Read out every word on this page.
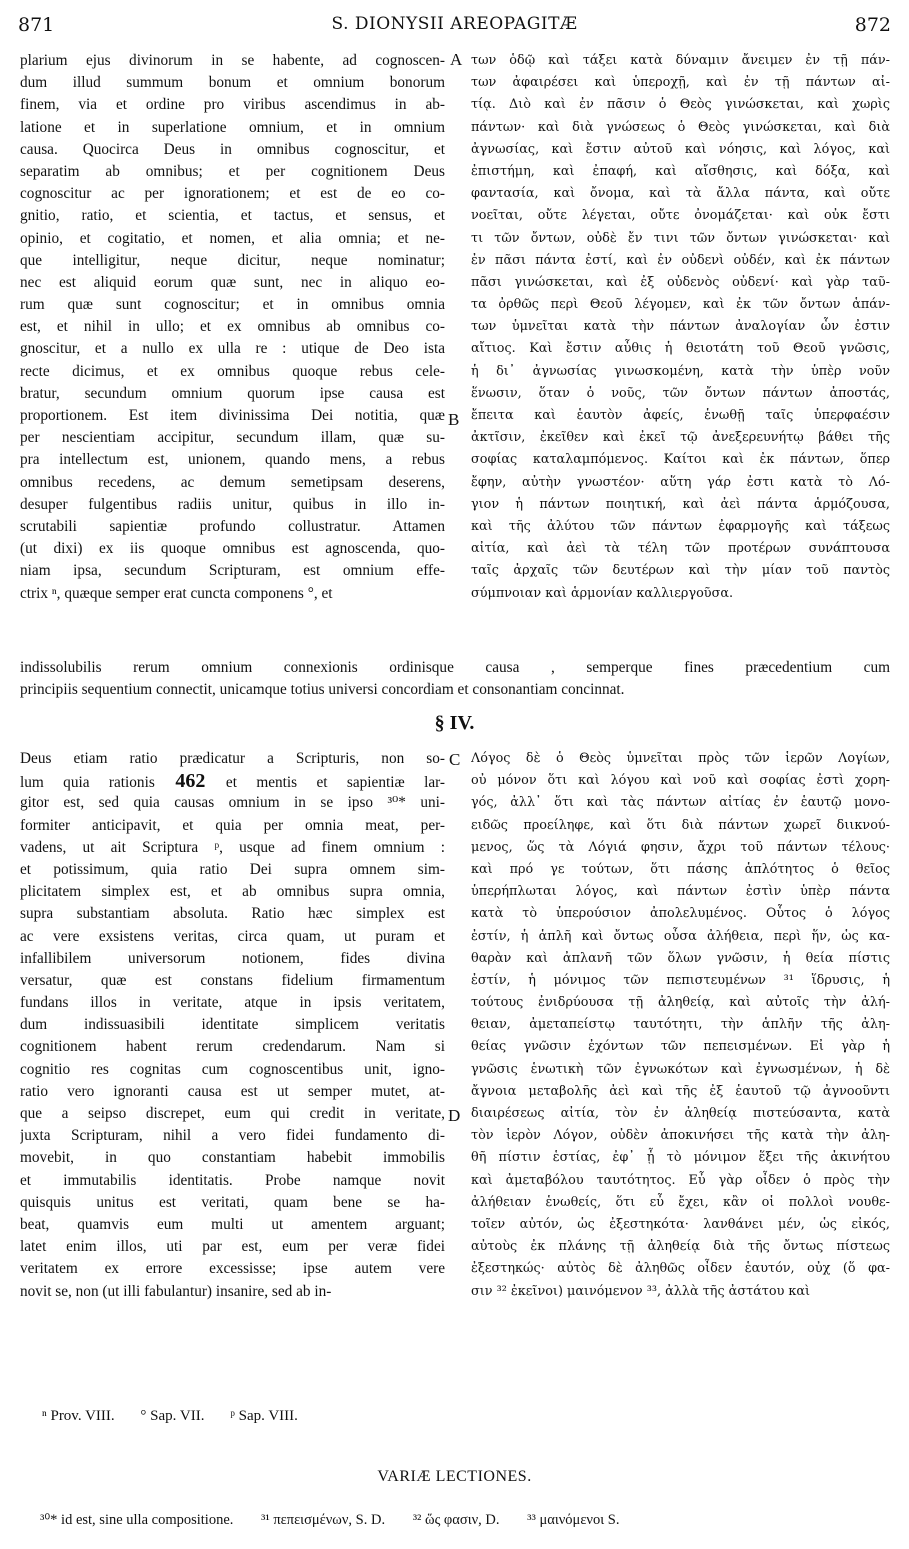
871	S. DIONYSII AREOPAGITÆ	872
plarium ejus divinorum in se habente, ad cognoscen-
dum illud summum bonum et omnium bonorum
finem, via et ordine pro viribus ascendimus in ab-
latione et in superlatione omnium, et in omnium
causa. Quocirca Deus in omnibus cognoscitur, et
separatim ab omnibus; et per cognitionem Deus
cognoscitur ac per ignorationem; et est de eo co-
gnitio, ratio, et scientia, et tactus, et sensus, et
opinio, et cogitatio, et nomen, et alia omnia; et ne-
que intelligitur, neque dicitur, neque nominatur;
nec est aliquid eorum quæ sunt, nec in aliquo eo-
rum quæ sunt cognoscitur; et in omnibus omnia
est, et nihil in ullo; et ex omnibus ab omnibus co-
gnoscitur, et a nullo ex ulla re : utique de Deo ista
recte dicimus, et ex omnibus quoque rebus cele-
bratur, secundum omnium quorum ipse causa est
proportionem. Est item divinissima Dei notitia, quæ
per nescientiam accipitur, secundum illam, quæ su-
pra intellectum est, unionem, quando mens, a rebus
omnibus recedens, ac demum semetipsam deserens,
desuper fulgentibus radiis unitur, quibus in illo in-
scrutabili sapientiæ profundo collustratur. Attamen
(ut dixi) ex iis quoque omnibus est agnoscenda, quo-
niam ipsa, secundum Scripturam, est omnium effe-
ctrix ⁿ, quæque semper erat cuncta componens °, et
των ὁδῷ καὶ τάξει κατὰ δύναμιν ἄνειμεν ἐν τῇ πάν-
των ἀφαιρέσει καὶ ὑπεροχῇ, καὶ ἐν τῇ πάντων αἰ-
τίᾳ. Διὸ καὶ ἐν πᾶσιν ὁ Θεὸς γινώσκεται, καὶ χωρὶς
πάντων· καὶ διὰ γνώσεως ὁ Θεὸς γινώσκεται, καὶ διὰ
ἀγνωσίας, καὶ ἔστιν αὐτοῦ καὶ νόησις, καὶ λόγος, καὶ
ἐπιστήμη, καὶ ἐπαφή, καὶ αἴσθησις, καὶ δόξα, καὶ
φαντασία, καὶ ὄνομα, καὶ τὰ ἄλλα πάντα, καὶ οὔτε
νοεῖται, οὔτε λέγεται, οὔτε ὀνομάζεται· καὶ οὐκ ἔστι
τι τῶν ὄντων, οὐδὲ ἔν τινι τῶν ὄντων γινώσκεται· καὶ
ἐν πᾶσι πάντα ἐστί, καὶ ἐν οὐδενὶ οὐδέν, καὶ ἐκ πάντων
πᾶσι γινώσκεται, καὶ ἐξ οὐδενὸς οὐδενί· καὶ γὰρ ταῦ-
τα ὀρθῶς περὶ Θεοῦ λέγομεν, καὶ ἐκ τῶν ὄντων ἁπάν-
των ὑμνεῖται κατὰ τὴν πάντων ἀναλογίαν ὧν ἐστιν
αἴτιος. Καὶ ἔστιν αὖθις ἡ θειοτάτη τοῦ Θεοῦ γνῶσις,
ἡ δι᾽ ἀγνωσίας γινωσκομένη, κατὰ τὴν ὑπὲρ νοῦν
ἕνωσιν, ὅταν ὁ νοῦς, τῶν ὄντων πάντων ἀποστάς,
ἔπειτα καὶ ἑαυτὸν ἀφείς, ἑνωθῇ ταῖς ὑπερφαέσιν
ἀκτῖσιν, ἐκεῖθεν καὶ ἐκεῖ τῷ ἀνεξερευνήτῳ βάθει τῆς
σοφίας καταλαμπόμενος. Καίτοι καὶ ἐκ πάντων, ὅπερ
ἔφην, αὐτὴν γνωστέον· αὕτη γάρ ἐστι κατὰ τὸ Λό-
γιον ἡ πάντων ποιητική, καὶ ἀεὶ πάντα ἁρμόζουσα,
καὶ τῆς ἀλύτου τῶν πάντων ἐφαρμογῆς καὶ τάξεως
αἰτία, καὶ ἀεὶ τὰ τέλη τῶν προτέρων συνάπτουσα
ταῖς ἀρχαῖς τῶν δευτέρων καὶ τὴν μίαν τοῦ παντὸς
σύμπνοιαν καὶ ἁρμονίαν καλλιεργοῦσα.
A
B
indissolubilis rerum omnium connexionis ordinisque causa , semperque fines præcedentium cum
principiis sequentium connectit, unicamque totius universi concordiam et consonantiam concinnat.
§ IV.
Deus etiam ratio prædicatur a Scripturis, non so-
lum quia rationis 462 et mentis et sapientiæ lar-
gitor est, sed quia causas omnium in se ipso ³⁰* uni-
formiter anticipavit, et quia per omnia meat, per-
vadens, ut ait Scriptura ᵖ, usque ad finem omnium :
et potissimum, quia ratio Dei supra omnem sim-
plicitatem simplex est, et ab omnibus supra omnia,
supra substantiam absoluta. Ratio hæc simplex est
ac vere exsistens veritas, circa quam, ut puram et
infallibilem universorum notionem, fides divina
versatur, quæ est constans fidelium firmamentum
fundans illos in veritate, atque in ipsis veritatem,
dum indissuasibili identitate simplicem veritatis
cognitionem habent rerum credendarum. Nam si
cognitio res cognitas cum cognoscentibus unit, igno-
ratio vero ignoranti causa est ut semper mutet, at-
que a seipso discrepet, eum qui credit in veritate,
juxta Scripturam, nihil a vero fidei fundamento di-
movebit, in quo constantiam habebit immobilis
et immutabilis identitatis. Probe namque novit
quisquis unitus est veritati, quam bene se ha-
beat, quamvis eum multi ut amentem arguant;
latet enim illos, uti par est, eum per veræ fidei
veritatem ex errore excessisse; ipse autem vere
novit se, non (ut illi fabulantur) insanire, sed ab in-
Λόγος δὲ ὁ Θεὸς ὑμνεῖται πρὸς τῶν ἱερῶν Λογίων,
οὐ μόνον ὅτι καὶ λόγου καὶ νοῦ καὶ σοφίας ἐστὶ χορη-
γός, ἀλλ᾽ ὅτι καὶ τὰς πάντων αἰτίας ἐν ἑαυτῷ μονο-
ειδῶς προείληφε, καὶ ὅτι διὰ πάντων χωρεῖ διικνού-
μενος, ὥς τὰ Λόγιά φησιν, ἄχρι τοῦ πάντων τέλους·
καὶ πρό γε τούτων, ὅτι πάσης ἁπλότητος ὁ θεῖος
ὑπερήπλωται λόγος, καὶ πάντων ἐστὶν ὑπὲρ πάντα
κατὰ τὸ ὑπερούσιον ἀπολελυμένος. Οὗτος ὁ λόγος
ἐστίν, ἡ ἁπλῆ καὶ ὄντως οὖσα ἀλήθεια, περὶ ἥν, ὡς κα-
θαρὰν καὶ ἀπλανῆ τῶν ὅλων γνῶσιν, ἡ θεία πίστις
ἐστίν, ἡ μόνιμος τῶν πεπιστευμένων ³¹ ἵδρυσις, ἡ
τούτους ἐνιδρύουσα τῇ ἀληθείᾳ, καὶ αὐτοῖς τὴν ἀλή-
θειαν, ἀμεταπείστῳ ταυτότητι, τὴν ἁπλῆν τῆς ἀλη-
θείας γνῶσιν ἐχόντων τῶν πεπεισμένων. Εἰ γὰρ ἡ
γνῶσις ἑνωτικὴ τῶν ἐγνωκότων καὶ ἐγνωσμένων, ἡ δὲ
ἄγνοια μεταβολῆς ἀεὶ καὶ τῆς ἐξ ἑαυτοῦ τῷ ἀγνοοῦντι
διαιρέσεως αἰτία, τὸν ἐν ἀληθείᾳ πιστεύσαντα, κατὰ
τὸν ἱερὸν Λόγον, οὐδὲν ἀποκινήσει τῆς κατὰ τὴν ἀλη-
θῆ πίστιν ἑστίας, ἐφ᾽ ᾗ τὸ μόνιμον ἕξει τῆς ἀκινήτου
καὶ ἀμεταβόλου ταυτότητος. Εὖ γὰρ οἶδεν ὁ πρὸς τὴν
ἀλήθειαν ἑνωθείς, ὅτι εὖ ἔχει, κἂν οἱ πολλοὶ νουθε-
τοῖεν αὐτόν, ὡς ἐξεστηκότα· λανθάνει μέν, ὡς εἰκός,
αὐτοὺς ἐκ πλάνης τῇ ἀληθείᾳ διὰ τῆς ὄντως πίστεως
ἐξεστηκώς· αὐτὸς δὲ ἀληθῶς οἶδεν ἑαυτόν, οὐχ (ὅ φα-
σιν ³² ἐκεῖνοι) μαινόμενον ³³, ἀλλὰ τῆς ἀστάτου καὶ
C
D
ⁿ Prov. VIII. ° Sap. VII. ᵖ Sap. VIII.
VARIÆ LECTIONES.
³⁰* id est, sine ulla compositione. ³¹ πεπεισμένων, S. D. ³² ὥς φασιν, D. ³³ μαινόμενοι S.
